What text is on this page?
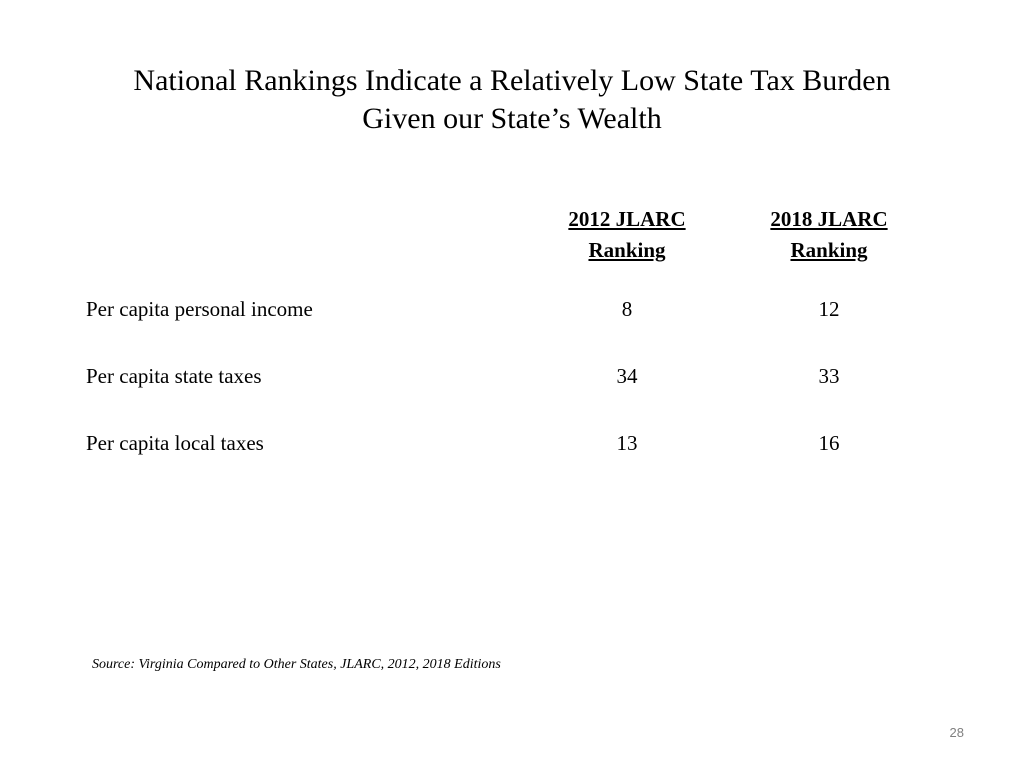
National Rankings Indicate a Relatively Low State Tax Burden
Given our State’s Wealth
2012 JLARC
Ranking
2018 JLARC
Ranking
Per capita personal income	8	12
Per capita state taxes	34	33
Per capita local taxes	13	16
Source: Virginia Compared to Other States, JLARC, 2012, 2018 Editions
28
